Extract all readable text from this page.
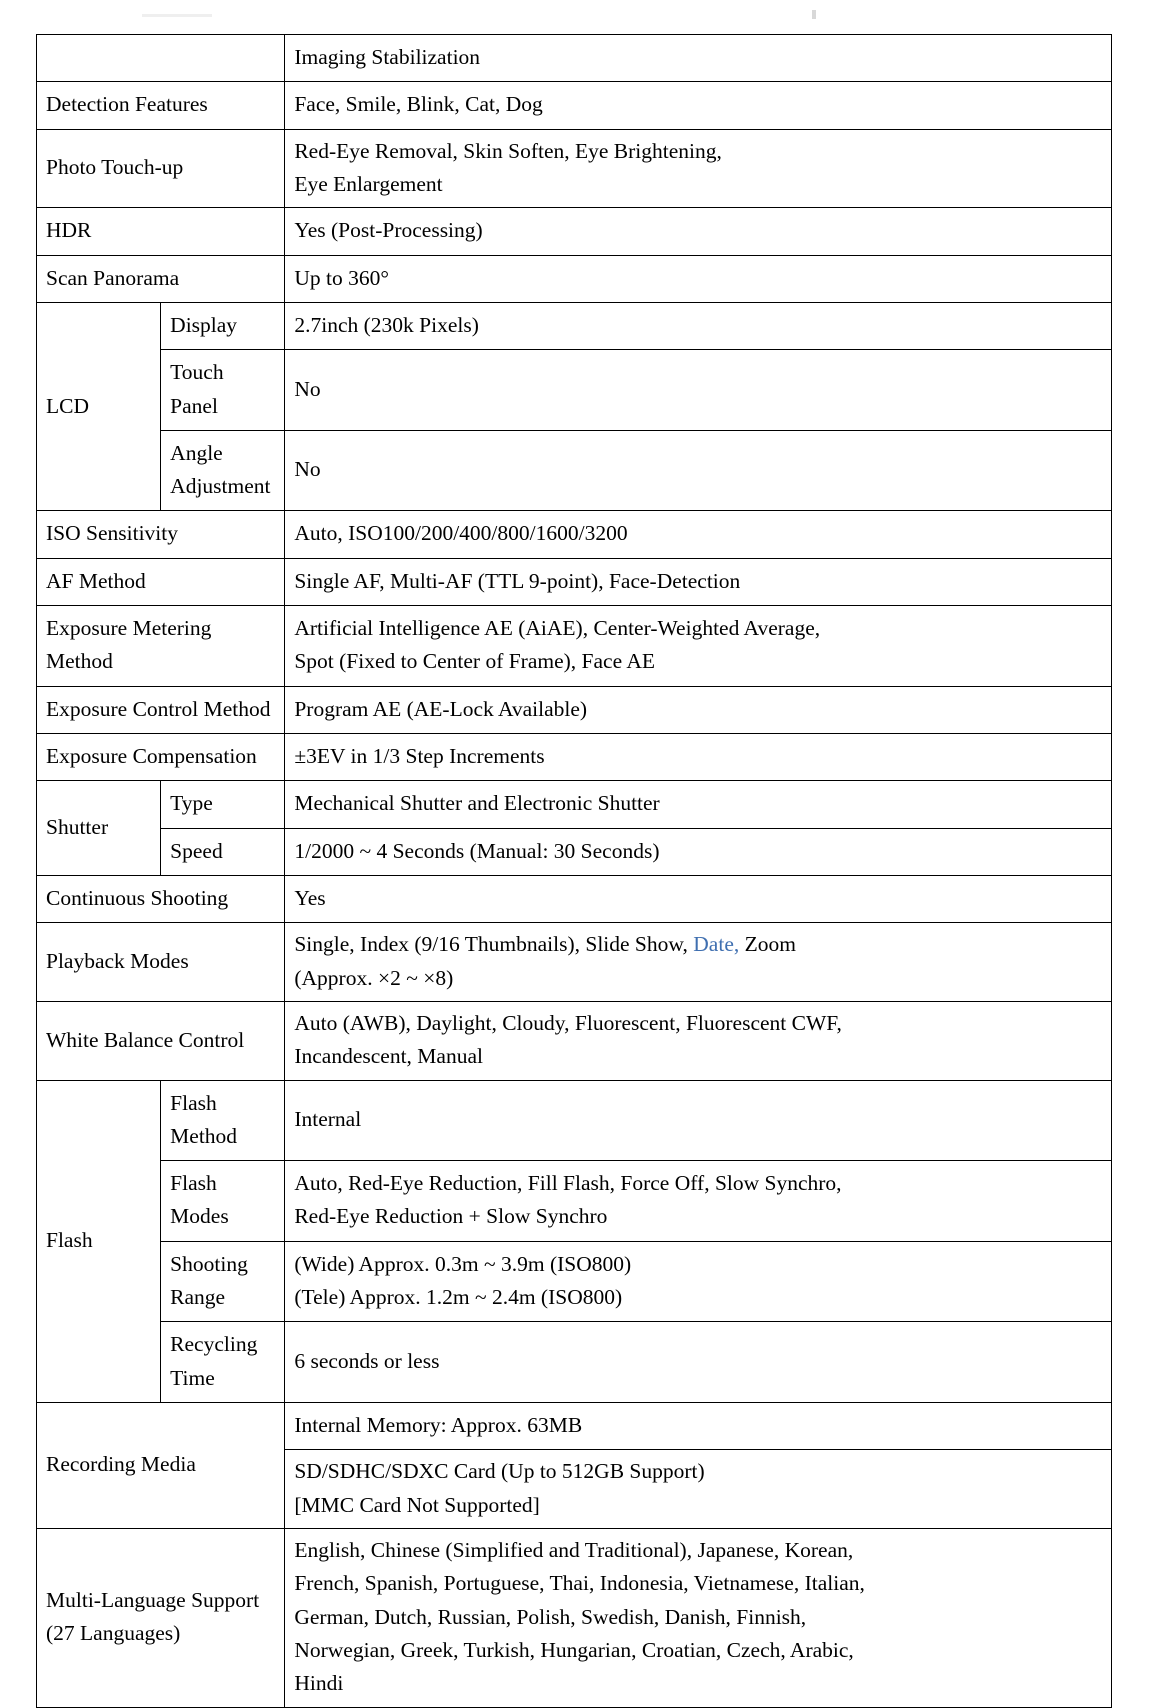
		Imaging Stabilization

Detection Features		Face, Smile, Blink, Cat, Dog

Photo Touch-up		Red-Eye Removal, Skin Soften, Eye Brightening,
Eye Enlargement

HDR		Yes (Post-Processing)

Scan Panorama		Up to 360°

LCD	Display	2.7inch (230k Pixels)

	Touch Panel	No

	Angle Adjustment	No

ISO Sensitivity		Auto, ISO100/200/400/800/1600/3200

AF Method		Single AF, Multi-AF (TTL 9-point), Face-Detection

Exposure Metering Method		Artificial Intelligence AE (AiAE), Center-Weighted Average,
Spot (Fixed to Center of Frame), Face AE

Exposure Control Method		Program AE (AE-Lock Available)

Exposure Compensation		±3EV in 1/3 Step Increments

Shutter	Type	Mechanical Shutter and Electronic Shutter

	Speed	1/2000 ~ 4 Seconds (Manual: 30 Seconds)

Continuous Shooting		Yes

Playback Modes		Single, Index (9/16 Thumbnails), Slide Show, Date, Zoom
(Approx. ×2 ~ ×8)

White Balance Control		Auto (AWB), Daylight, Cloudy, Fluorescent, Fluorescent CWF,
Incandescent, Manual

Flash	Flash Method	Internal

	Flash Modes	Auto, Red-Eye Reduction, Fill Flash, Force Off, Slow Synchro,
Red-Eye Reduction + Slow Synchro

	Shooting Range	(Wide) Approx. 0.3m ~ 3.9m (ISO800)
(Tele) Approx. 1.2m ~ 2.4m (ISO800)

	Recycling Time	6 seconds or less

Recording Media		Internal Memory: Approx. 63MB

		SD/SDHC/SDXC Card (Up to 512GB Support)
[MMC Card Not Supported]

Multi-Language Support (27 Languages)		English, Chinese (Simplified and Traditional), Japanese, Korean,
French, Spanish, Portuguese, Thai, Indonesia, Vietnamese, Italian,
German, Dutch, Russian, Polish, Swedish, Danish, Finnish,
Norwegian, Greek, Turkish, Hungarian, Croatian, Czech, Arabic,
Hindi
